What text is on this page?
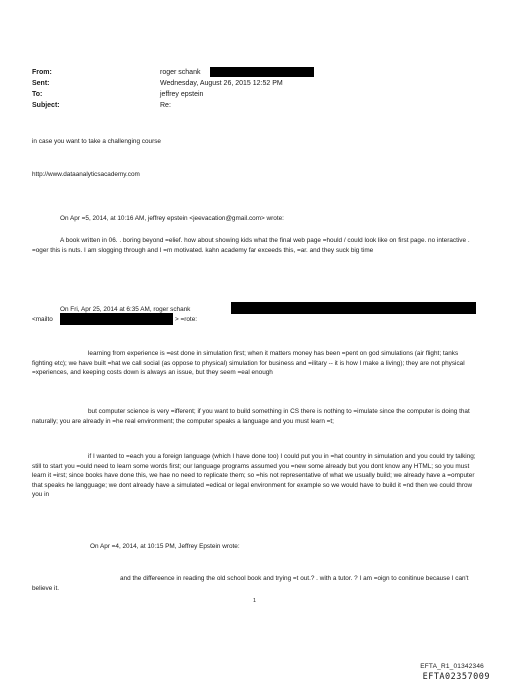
From:	roger schank
Sent:	Wednesday, August 26, 2015 12:52 PM
To:	jeffrey epstein
Subject:	Re:
in case you want to take a challenging course
http://www.dataanalyticsacademy.com
On Apr =5, 2014, at 10:16 AM, jeffrey epstein <jeevacation@gmail.com> wrote:

A book written in 06. . boring beyond =elief. how about showing kids what the final web page =hould / could look like on first page. no interactive . =oger this is nuts. I am slogging through and I =m motivated. kahn academy far exceeds this, =ar. and they suck big time

On Fri, Apr 25, 2014 at 6:35 AM, roger schank
<mailto	> =rote:

learning from experience is =est done in simulation first; when it matters money has been =pent on god simulations (air flight; tanks fighting etc); we have built =hat we call social (as oppose to physical) simulation for business and =ilitary -- it is how I make a living); they are not physical =xperiences, and keeping costs down is always an issue, but they seem =eal enough

but computer science is very =ifferent; if you want to build something in CS there is nothing to =imulate since the computer is doing that naturally; you are already in =he real environment; the computer speaks a language and you must learn =t;

if I wanted to =each you a foreign language (which I have done too) I could put you in =hat country in simulation and you could try talking; still to start you =ould need to learn some words first; our language programs assumed you =new some already but you dont know any HTML; so you must learn it =irst; since books have done this, we hae no need to replicate them; so =his not representative of what we usually build; we already have a =omputer that speaks he langguage; we dont already have a simulated =edical or legal environment for example so we would have to build it =nd then we could throw you in

On Apr =4, 2014, at 10:15 PM, Jeffrey Epstein wrote:

and the differeence in reading the old school book and trying =t out.? . with a tutor. ? I am =oign to conitinue because I can't believe it.

1
EFTA_R1_01342346
EFTA02357009
